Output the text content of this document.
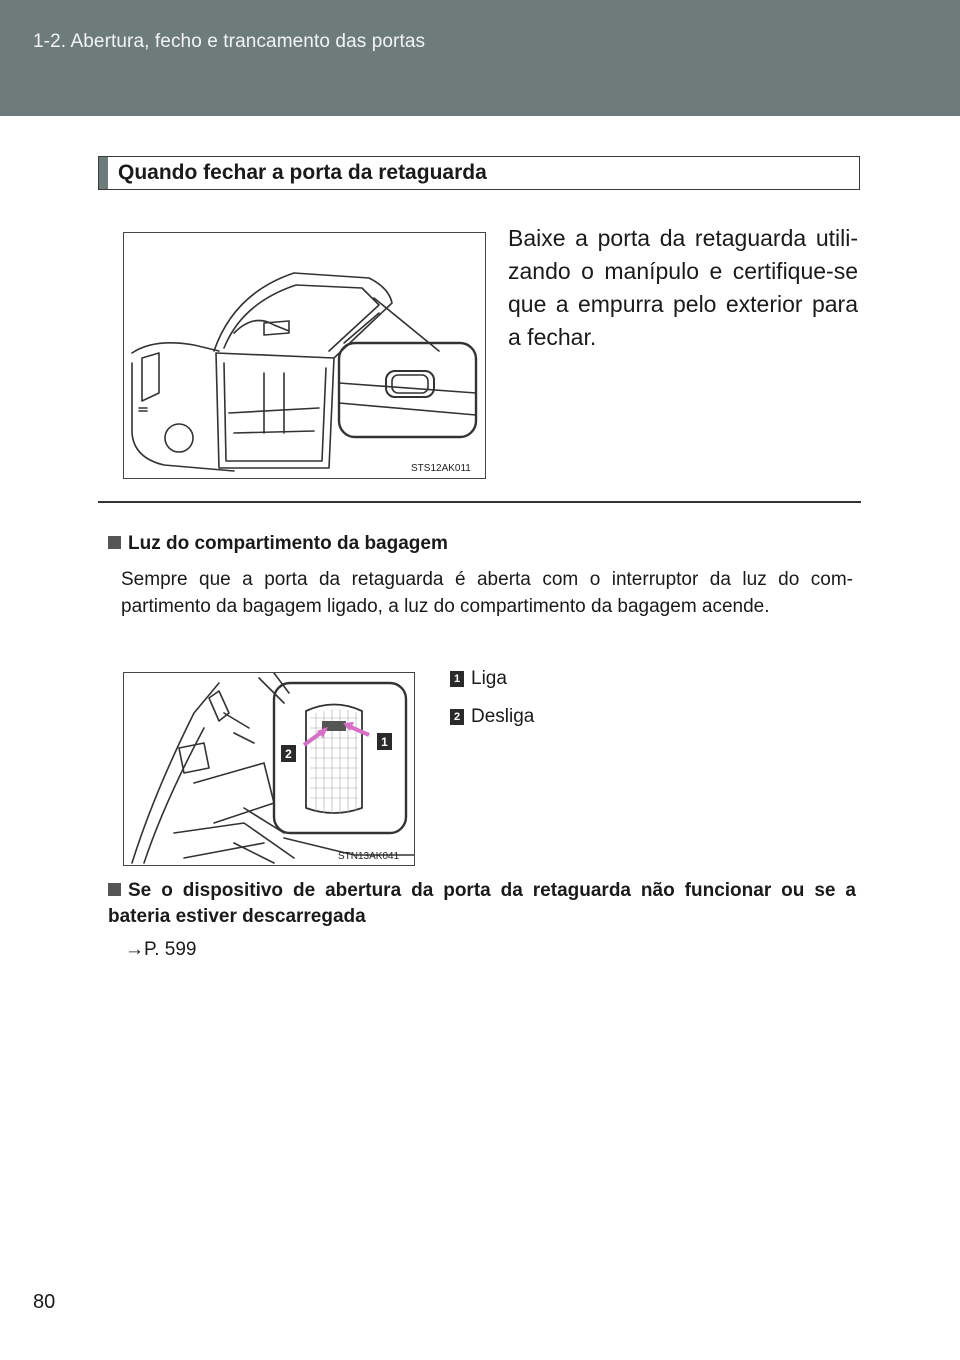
1-2. Abertura, fecho e trancamento das portas
Quando fechar a porta da retaguarda
STS12AK011
Baixe a porta da retaguarda utili- zando o manípulo e certifique-se que a empurra pelo exterior para a fechar.
Luz do compartimento da bagagem
Sempre que a porta da retaguarda é aberta com o interruptor da luz do com- partimento da bagagem ligado, a luz do compartimento da bagagem acende.
2
1
STN13AK041
1 Liga
2 Desliga
Se o dispositivo de abertura da porta da retaguarda não funcionar ou se a bateria estiver descarregada
→P. 599
80
